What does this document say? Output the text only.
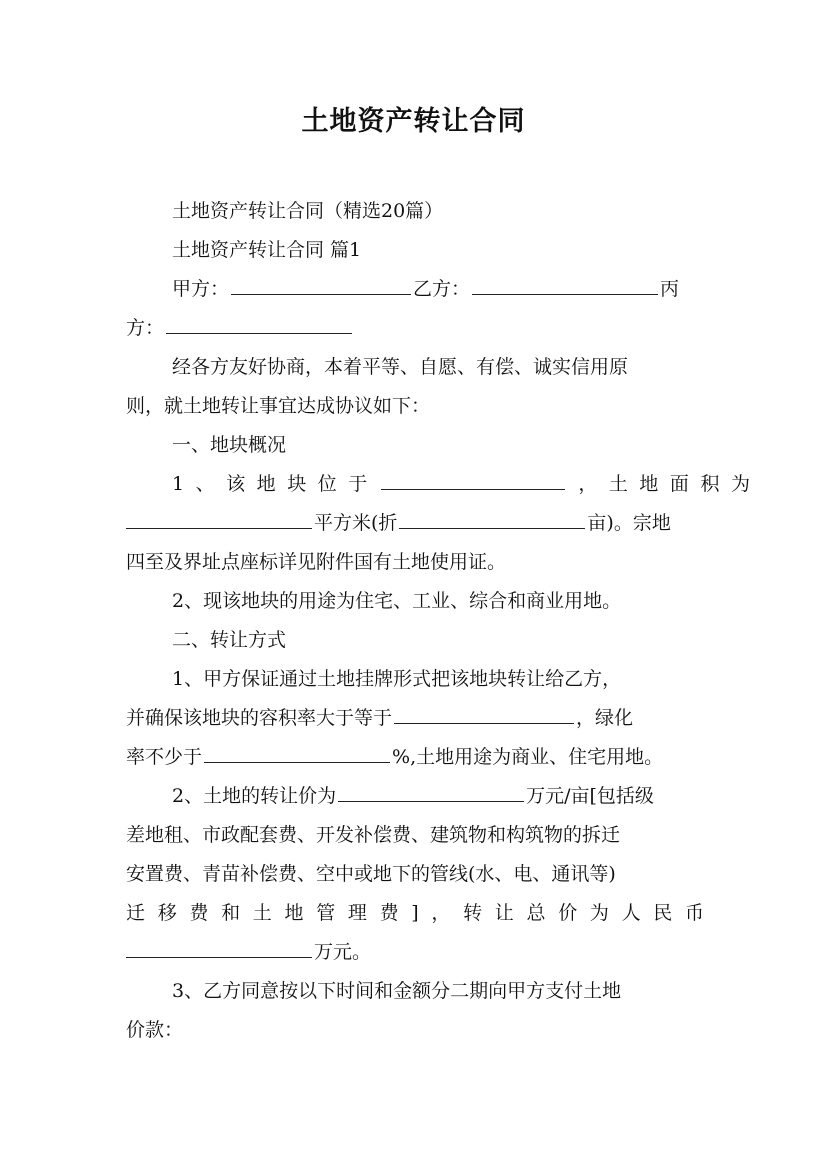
土地资产转让合同
土地资产转让合同（精选20篇）
土地资产转让合同 篇1
甲方：	乙方：	丙
方：
经各方友好协商，本着平等、自愿、有偿、诚实信用原
则，就土地转让事宜达成协议如下：
一、地块概况
1、该地块位于	，土地面积为
平方米(折	亩)。宗地
四至及界址点座标详见附件国有土地使用证。
2、现该地块的用途为住宅、工业、综合和商业用地。
二、转让方式
1、甲方保证通过土地挂牌形式把该地块转让给乙方，
并确保该地块的容积率大于等于	，绿化
率不少于	%,土地用途为商业、住宅用地。
2、土地的转让价为	万元/亩[包括级
差地租、市政配套费、开发补偿费、建筑物和构筑物的拆迁
安置费、青苗补偿费、空中或地下的管线(水、电、通讯等)
迁移费和土地管理费]，转让总价为人民币
万元。
3、乙方同意按以下时间和金额分二期向甲方支付土地
价款：
